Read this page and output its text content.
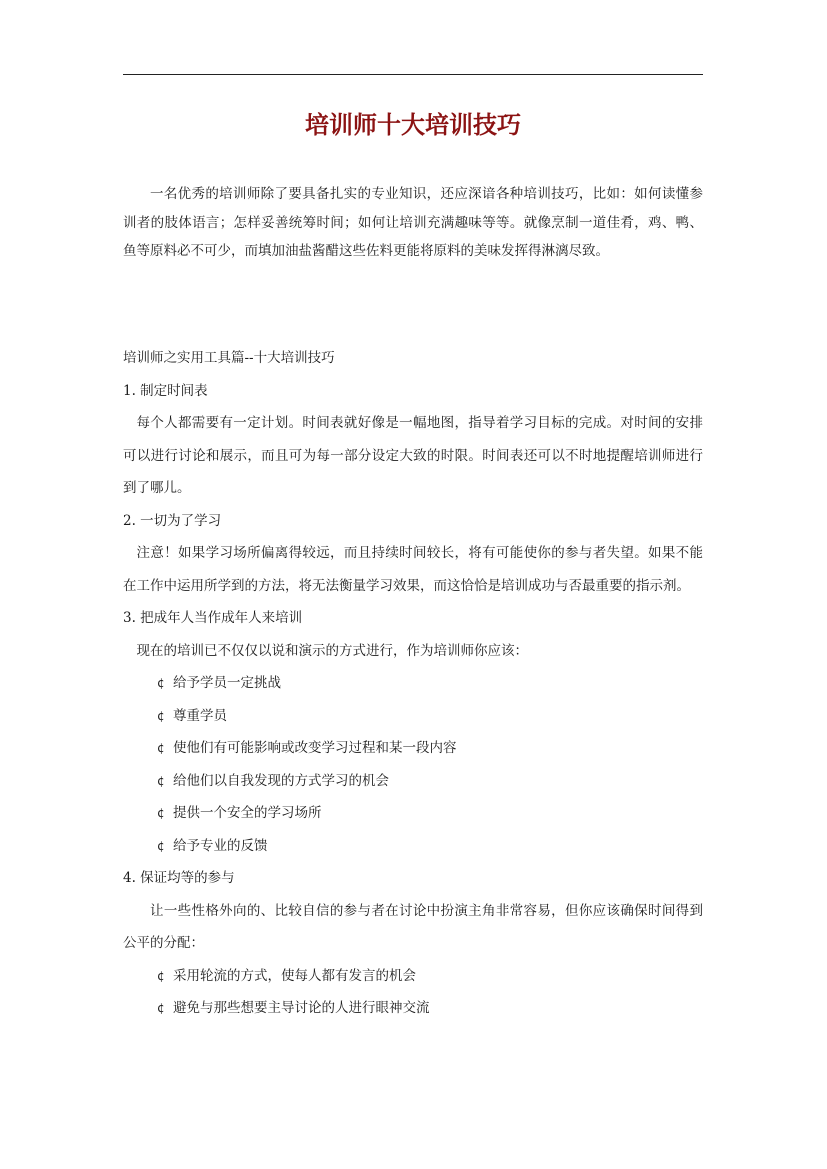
培训师十大培训技巧
一名优秀的培训师除了要具备扎实的专业知识，还应深谙各种培训技巧，比如：如何读懂参训者的肢体语言；怎样妥善统筹时间；如何让培训充满趣味等等。就像烹制一道佳肴，鸡、鸭、鱼等原料必不可少，而填加油盐酱醋这些佐料更能将原料的美味发挥得淋漓尽致。

培训师之实用工具篇--十大培训技巧

1. 制定时间表

每个人都需要有一定计划。时间表就好像是一幅地图，指导着学习目标的完成。对时间的安排可以进行讨论和展示，而且可为每一部分设定大致的时限。时间表还可以不时地提醒培训师进行到了哪儿。

2. 一切为了学习

注意！如果学习场所偏离得较远，而且持续时间较长，将有可能使你的参与者失望。如果不能在工作中运用所学到的方法，将无法衡量学习效果，而这恰恰是培训成功与否最重要的指示剂。

3. 把成年人当作成年人来培训

现在的培训已不仅仅以说和演示的方式进行，作为培训师你应该：

¢ 给予学员一定挑战

¢ 尊重学员

¢ 使他们有可能影响或改变学习过程和某一段内容

¢ 给他们以自我发现的方式学习的机会

¢ 提供一个安全的学习场所

¢ 给予专业的反馈

4. 保证均等的参与

让一些性格外向的、比较自信的参与者在讨论中扮演主角非常容易，但你应该确保时间得到公平的分配：

¢ 采用轮流的方式，使每人都有发言的机会

¢ 避免与那些想要主导讨论的人进行眼神交流
